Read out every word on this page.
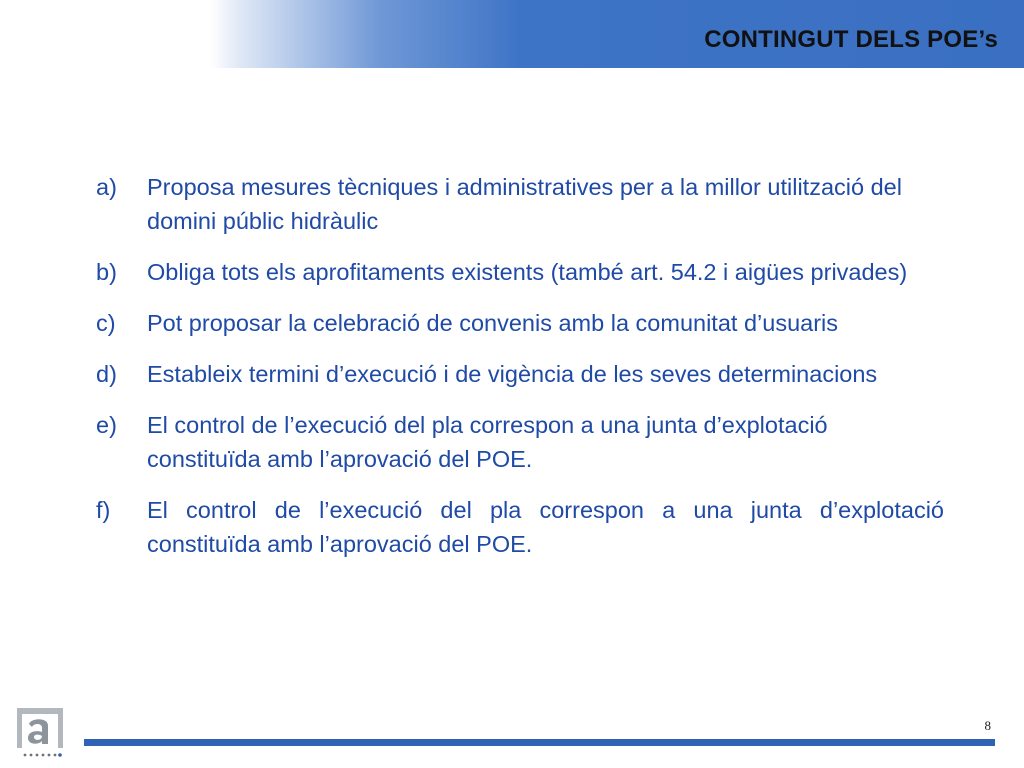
CONTINGUT DELS POE’s
a)	Proposa mesures tècniques i administratives per a la millor utilització del domini públic hidràulic
b)	Obliga tots els aprofitaments existents (també art. 54.2 i aigües privades)
c)	Pot proposar la celebració de convenis amb la comunitat d’usuaris
d)	Estableix termini d’execució i de vigència de les seves determinacions
e)	El control de l’execució del pla correspon a una junta d’explotació constituïda amb l’aprovació del POE.
f)	El control de l’execució del pla correspon a una junta d’explotació constituïda amb l’aprovació del POE.
8
